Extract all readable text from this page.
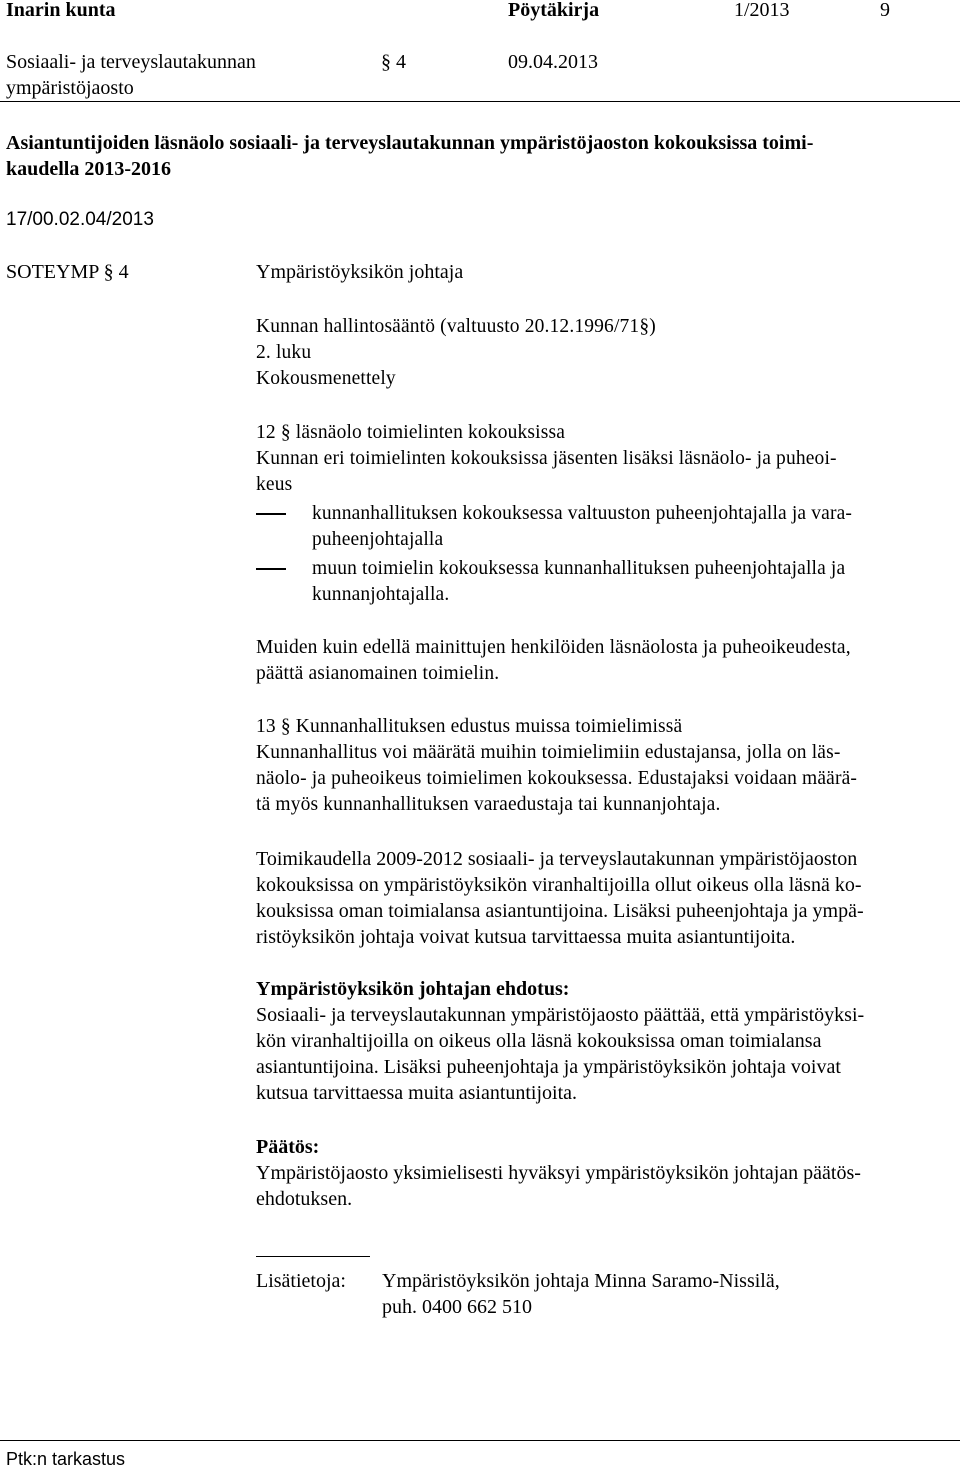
Inarin kunta	Pöytäkirja	1/2013	9
Sosiaali- ja terveyslautakunnan
ympäristöjaosto
§ 4	09.04.2013
Asiantuntijoiden läsnäolo sosiaali- ja terveyslautakunnan ympäristöjaoston kokouksissa toimi-
kaudella 2013-2016
17/00.02.04/2013
SOTEYMP § 4	Ympäristöyksikön johtaja
Kunnan hallintosääntö (valtuusto 20.12.1996/71§)
2. luku
Kokousmenettely
12 § läsnäolo toimielinten kokouksissa
Kunnan eri toimielinten kokouksissa jäsenten lisäksi läsnäolo- ja puheoi-
keus
kunnanhallituksen kokouksessa valtuuston puheenjohtajalla ja vara-
puheenjohtajalla
muun toimielin kokouksessa kunnanhallituksen puheenjohtajalla ja
kunnanjohtajalla.
Muiden kuin edellä mainittujen henkilöiden läsnäolosta ja puheoikeudesta,
päättä asianomainen toimielin.
13 § Kunnanhallituksen edustus muissa toimielimissä
Kunnanhallitus voi määrätä muihin toimielimiin edustajansa, jolla on läs-
näolo- ja puheoikeus toimielimen kokouksessa. Edustajaksi voidaan määrä-
tä myös kunnanhallituksen varaedustaja tai kunnanjohtaja.
Toimikaudella 2009-2012 sosiaali- ja terveyslautakunnan ympäristöjaoston
kokouksissa on ympäristöyksikön viranhaltijoilla ollut oikeus olla läsnä ko-
kouksissa oman toimialansa asiantuntijoina. Lisäksi puheenjohtaja ja ympä-
ristöyksikön johtaja voivat kutsua tarvittaessa muita asiantuntijoita.
Ympäristöyksikön johtajan ehdotus:
Sosiaali- ja terveyslautakunnan ympäristöjaosto päättää, että ympäristöyksi-
kön viranhaltijoilla on oikeus olla läsnä kokouksissa oman toimialansa
asiantuntijoina. Lisäksi puheenjohtaja ja ympäristöyksikön johtaja voivat
kutsua tarvittaessa muita asiantuntijoita.
Päätös:
Ympäristöjaosto yksimielisesti hyväksyi ympäristöyksikön johtajan päätös-
ehdotuksen.
Lisätietoja: Ympäristöyksikön johtaja Minna Saramo-Nissilä,
puh. 0400 662 510
Ptk:n tarkastus
